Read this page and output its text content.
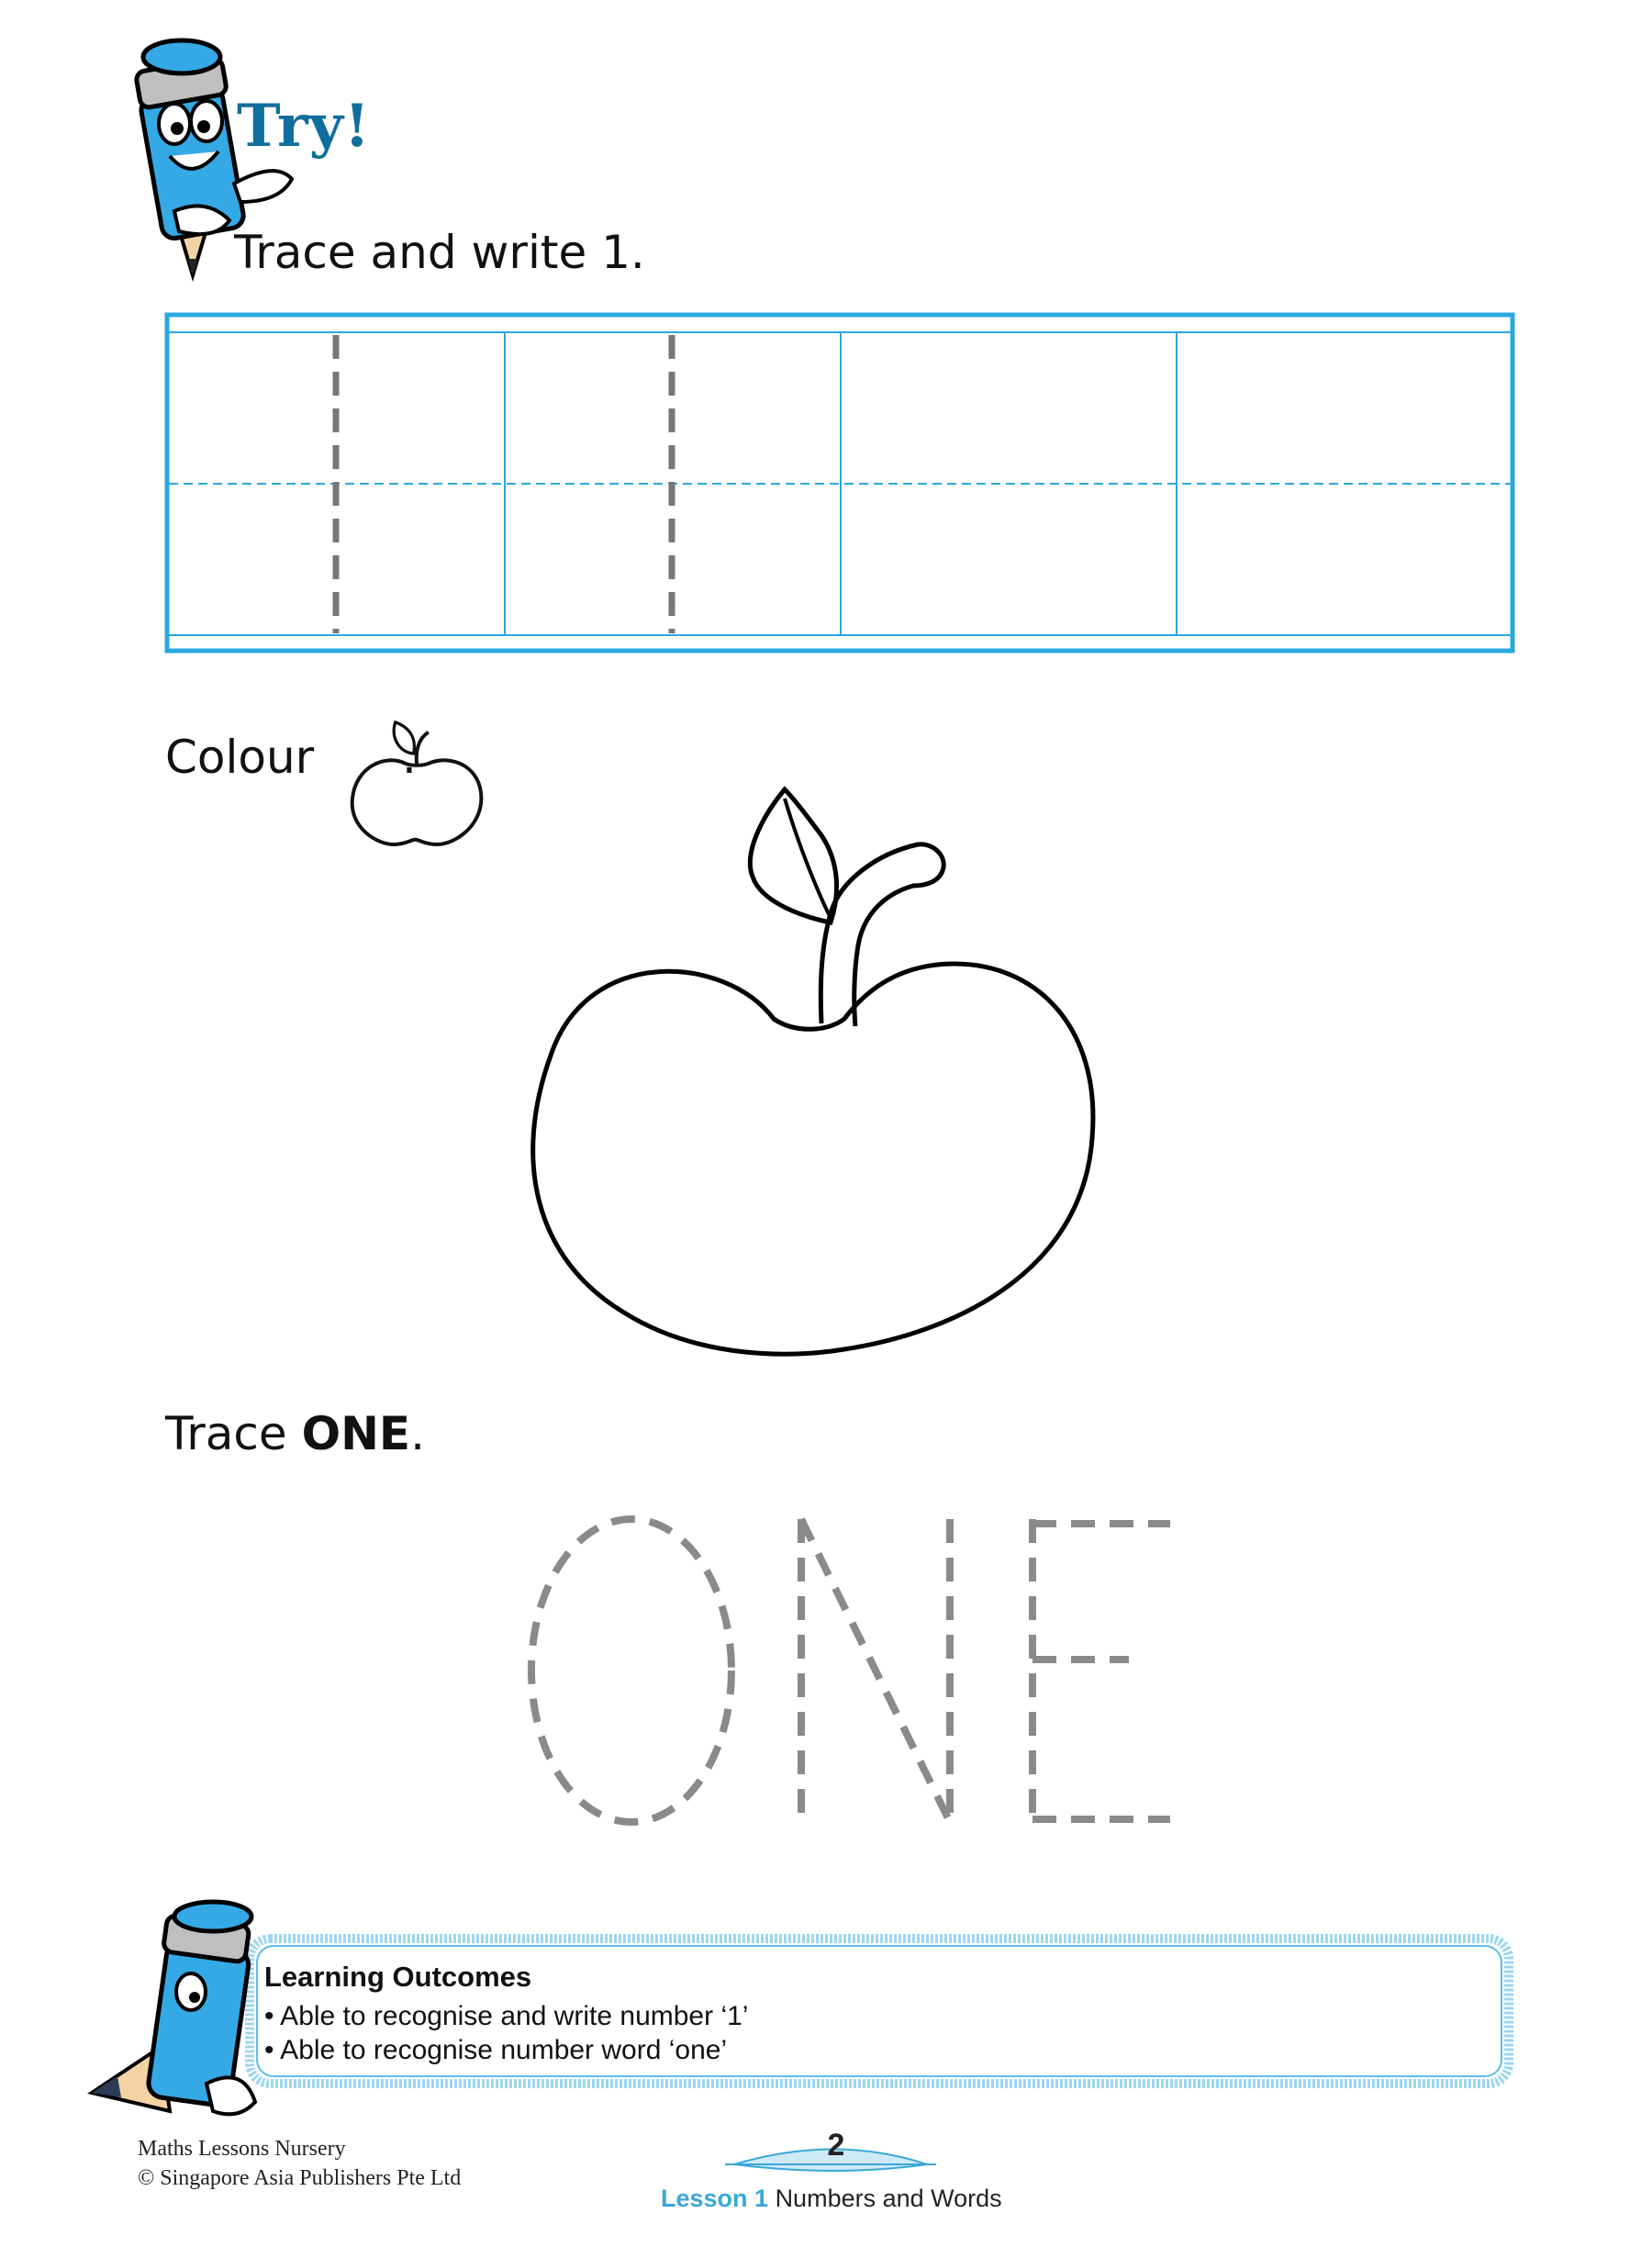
Try!
Trace and write 1.
Colour .
Trace ONE.
Learning Outcomes
• Able to recognise and write number ‘1’
• Able to recognise number word ‘one’
Maths Lessons Nursery
© Singapore Asia Publishers Pte Ltd
2
Lesson 1 Numbers and Words
